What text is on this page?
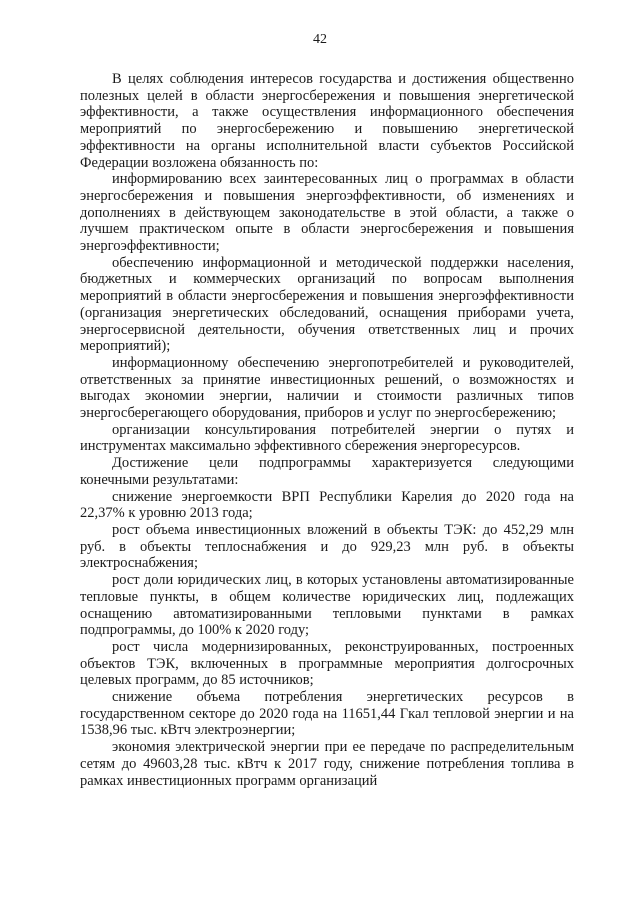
42

В целях соблюдения интересов государства и достижения общественно полезных целей в области энергосбережения и повышения энергетической эффективности, а также осуществления информационного обеспечения мероприятий по энергосбережению и повышению энергетической эффективности на органы исполнительной власти субъектов Российской Федерации возложена обязанность по:

информированию всех заинтересованных лиц о программах в области энергосбережения и повышения энергоэффективности, об изменениях и дополнениях в действующем законодательстве в этой области, а также о лучшем практическом опыте в области энергосбережения и повышения энергоэффективности;

обеспечению информационной и методической поддержки населения, бюджетных и коммерческих организаций по вопросам выполнения мероприятий в области энергосбережения и повышения энергоэффективности (организация энергетических обследований, оснащения приборами учета, энергосервисной деятельности, обучения ответственных лиц и прочих мероприятий);

информационному обеспечению энергопотребителей и руководителей, ответственных за принятие инвестиционных решений, о возможностях и выгодах экономии энергии, наличии и стоимости различных типов энергосберегающего оборудования, приборов и услуг по энергосбережению;

организации консультирования потребителей энергии о путях и инструментах максимально эффективного сбережения энергоресурсов.

Достижение цели подпрограммы характеризуется следующими конечными результатами:

снижение энергоемкости ВРП Республики Карелия до 2020 года на 22,37% к уровню 2013 года;

рост объема инвестиционных вложений в объекты ТЭК: до 452,29 млн руб. в объекты теплоснабжения и до 929,23 млн руб. в объекты электроснабжения;

рост доли юридических лиц, в которых установлены автоматизированные тепловые пункты, в общем количестве юридических лиц, подлежащих оснащению автоматизированными тепловыми пунктами в рамках подпрограммы, до 100% к 2020 году;

рост числа модернизированных, реконструированных, построенных объектов ТЭК, включенных в программные мероприятия долгосрочных целевых программ, до 85 источников;

снижение объема потребления энергетических ресурсов в государственном секторе до 2020 года на 11651,44 Гкал тепловой энергии и на 1538,96 тыс. кВтч электроэнергии;

экономия электрической энергии при ее передаче по распределительным сетям до 49603,28 тыс. кВтч к 2017 году, снижение потребления топлива в рамках инвестиционных программ организаций
